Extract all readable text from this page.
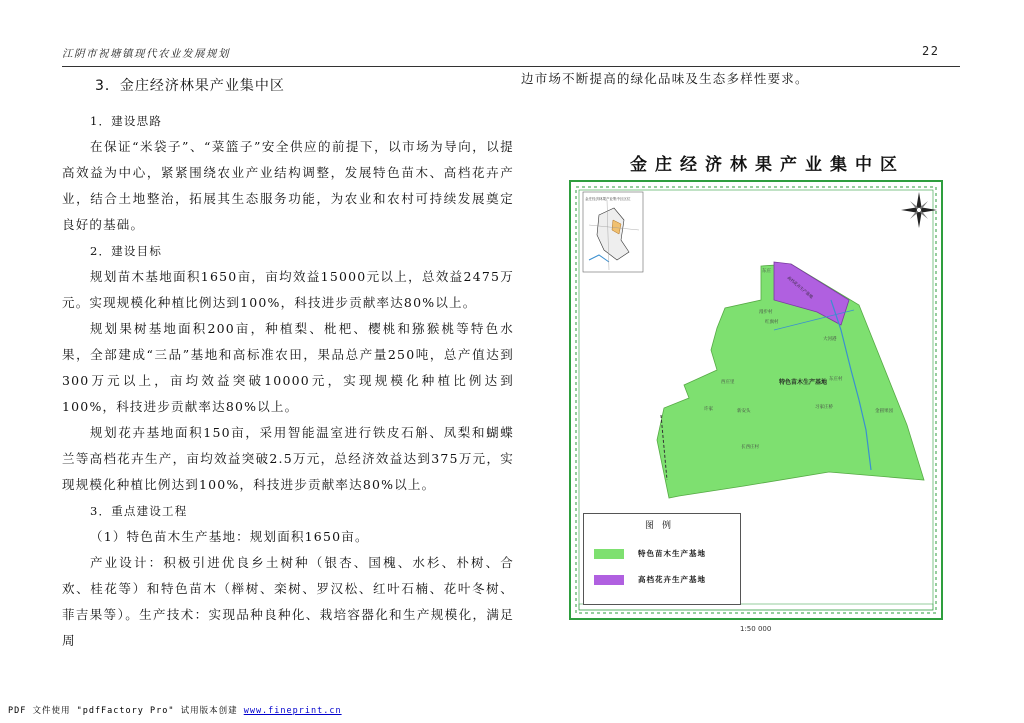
江阴市祝塘镇现代农业发展规划	22
3．金庄经济林果产业集中区

1．建设思路

在保证“米袋子”、“菜篮子”安全供应的前提下，以市场为导向，以提高效益为中心，紧紧围绕农业产业结构调整，发展特色苗木、高档花卉产业，结合土地整治，拓展其生态服务功能，为农业和农村可持续发展奠定良好的基础。

2．建设目标

规划苗木基地面积1650亩，亩均效益15000元以上，总效益2475万元。实现规模化种植比例达到100%，科技进步贡献率达80%以上。

规划果树基地面积200亩，种植梨、枇杷、樱桃和猕猴桃等特色水果，全部建成“三品”基地和高标准农田，果品总产量250吨，总产值达到300万元以上，亩均效益突破10000元，实现规模化种植比例达到100%，科技进步贡献率达80%以上。

规划花卉基地面积150亩，采用智能温室进行铁皮石斛、凤梨和蝴蝶兰等高档花卉生产，亩均效益突破2.5万元，总经济效益达到375万元，实现规模化种植比例达到100%，科技进步贡献率达80%以上。

3．重点建设工程

（1）特色苗木生产基地：规划面积1650亩。

产业设计：积极引进优良乡土树种（银杏、国槐、水杉、朴树、合欢、桂花等）和特色苗木（榉树、栾树、罗汉松、红叶石楠、花叶冬树、菲吉果等）。生产技术：实现品种良种化、栽培容器化和生产规模化，满足周

边市场不断提高的绿化品味及生态多样性要求。
金庄经济林果产业集中区
金庄经济林果产业集中区区位
东庄
漫步村
红旗村
大河港
西庄里
东庄村
许家	新安头
习家庄桥
金圆果园
长西庄村
特色苗木生产基地
高档花卉生产基地
1:50 000
图例
特色苗木生产基地
高档花卉生产基地
PDF 文件使用 "pdfFactory Pro" 试用版本创建 www.fineprint.cn
